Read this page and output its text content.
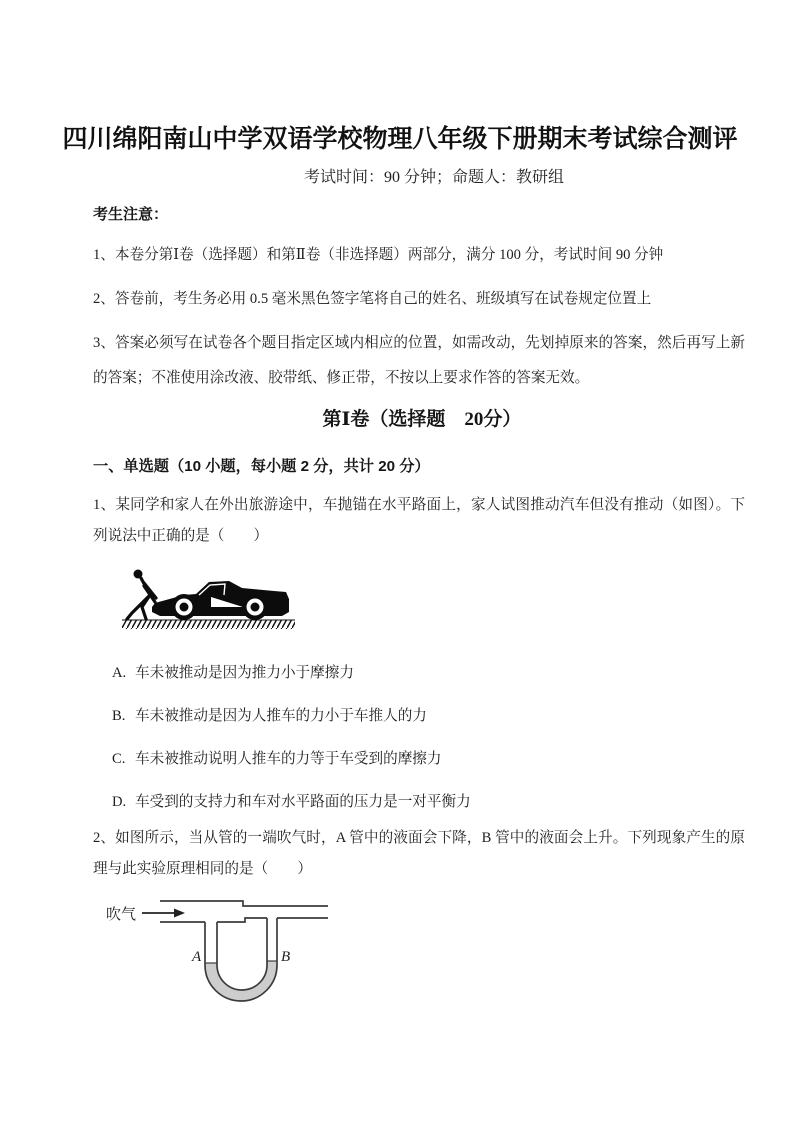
四川绵阳南山中学双语学校物理八年级下册期末考试综合测评
考试时间：90 分钟；命题人：教研组
考生注意：

1、本卷分第Ⅰ卷（选择题）和第Ⅱ卷（非选择题）两部分，满分 100 分，考试时间 90 分钟

2、答卷前，考生务必用 0.5 毫米黑色签字笔将自己的姓名、班级填写在试卷规定位置上

3、答案必须写在试卷各个题目指定区域内相应的位置，如需改动，先划掉原来的答案，然后再写上新的答案；不准使用涂改液、胶带纸、修正带，不按以上要求作答的答案无效。

第Ⅰ卷（选择题　20分）
一、单选题（10 小题，每小题 2 分，共计 20 分）

1、某同学和家人在外出旅游途中，车抛锚在水平路面上，家人试图推动汽车但没有推动（如图）。下列说法中正确的是（　　）

A. 车未被推动是因为推力小于摩擦力
B. 车未被推动是因为人推车的力小于车推人的力
C. 车未被推动说明人推车的力等于车受到的摩擦力
D. 车受到的支持力和车对水平路面的压力是一对平衡力

2、如图所示，当从管的一端吹气时，A 管中的液面会下降，B 管中的液面会上升。下列现象产生的原理与此实验原理相同的是（　　）

吹气
A	B
